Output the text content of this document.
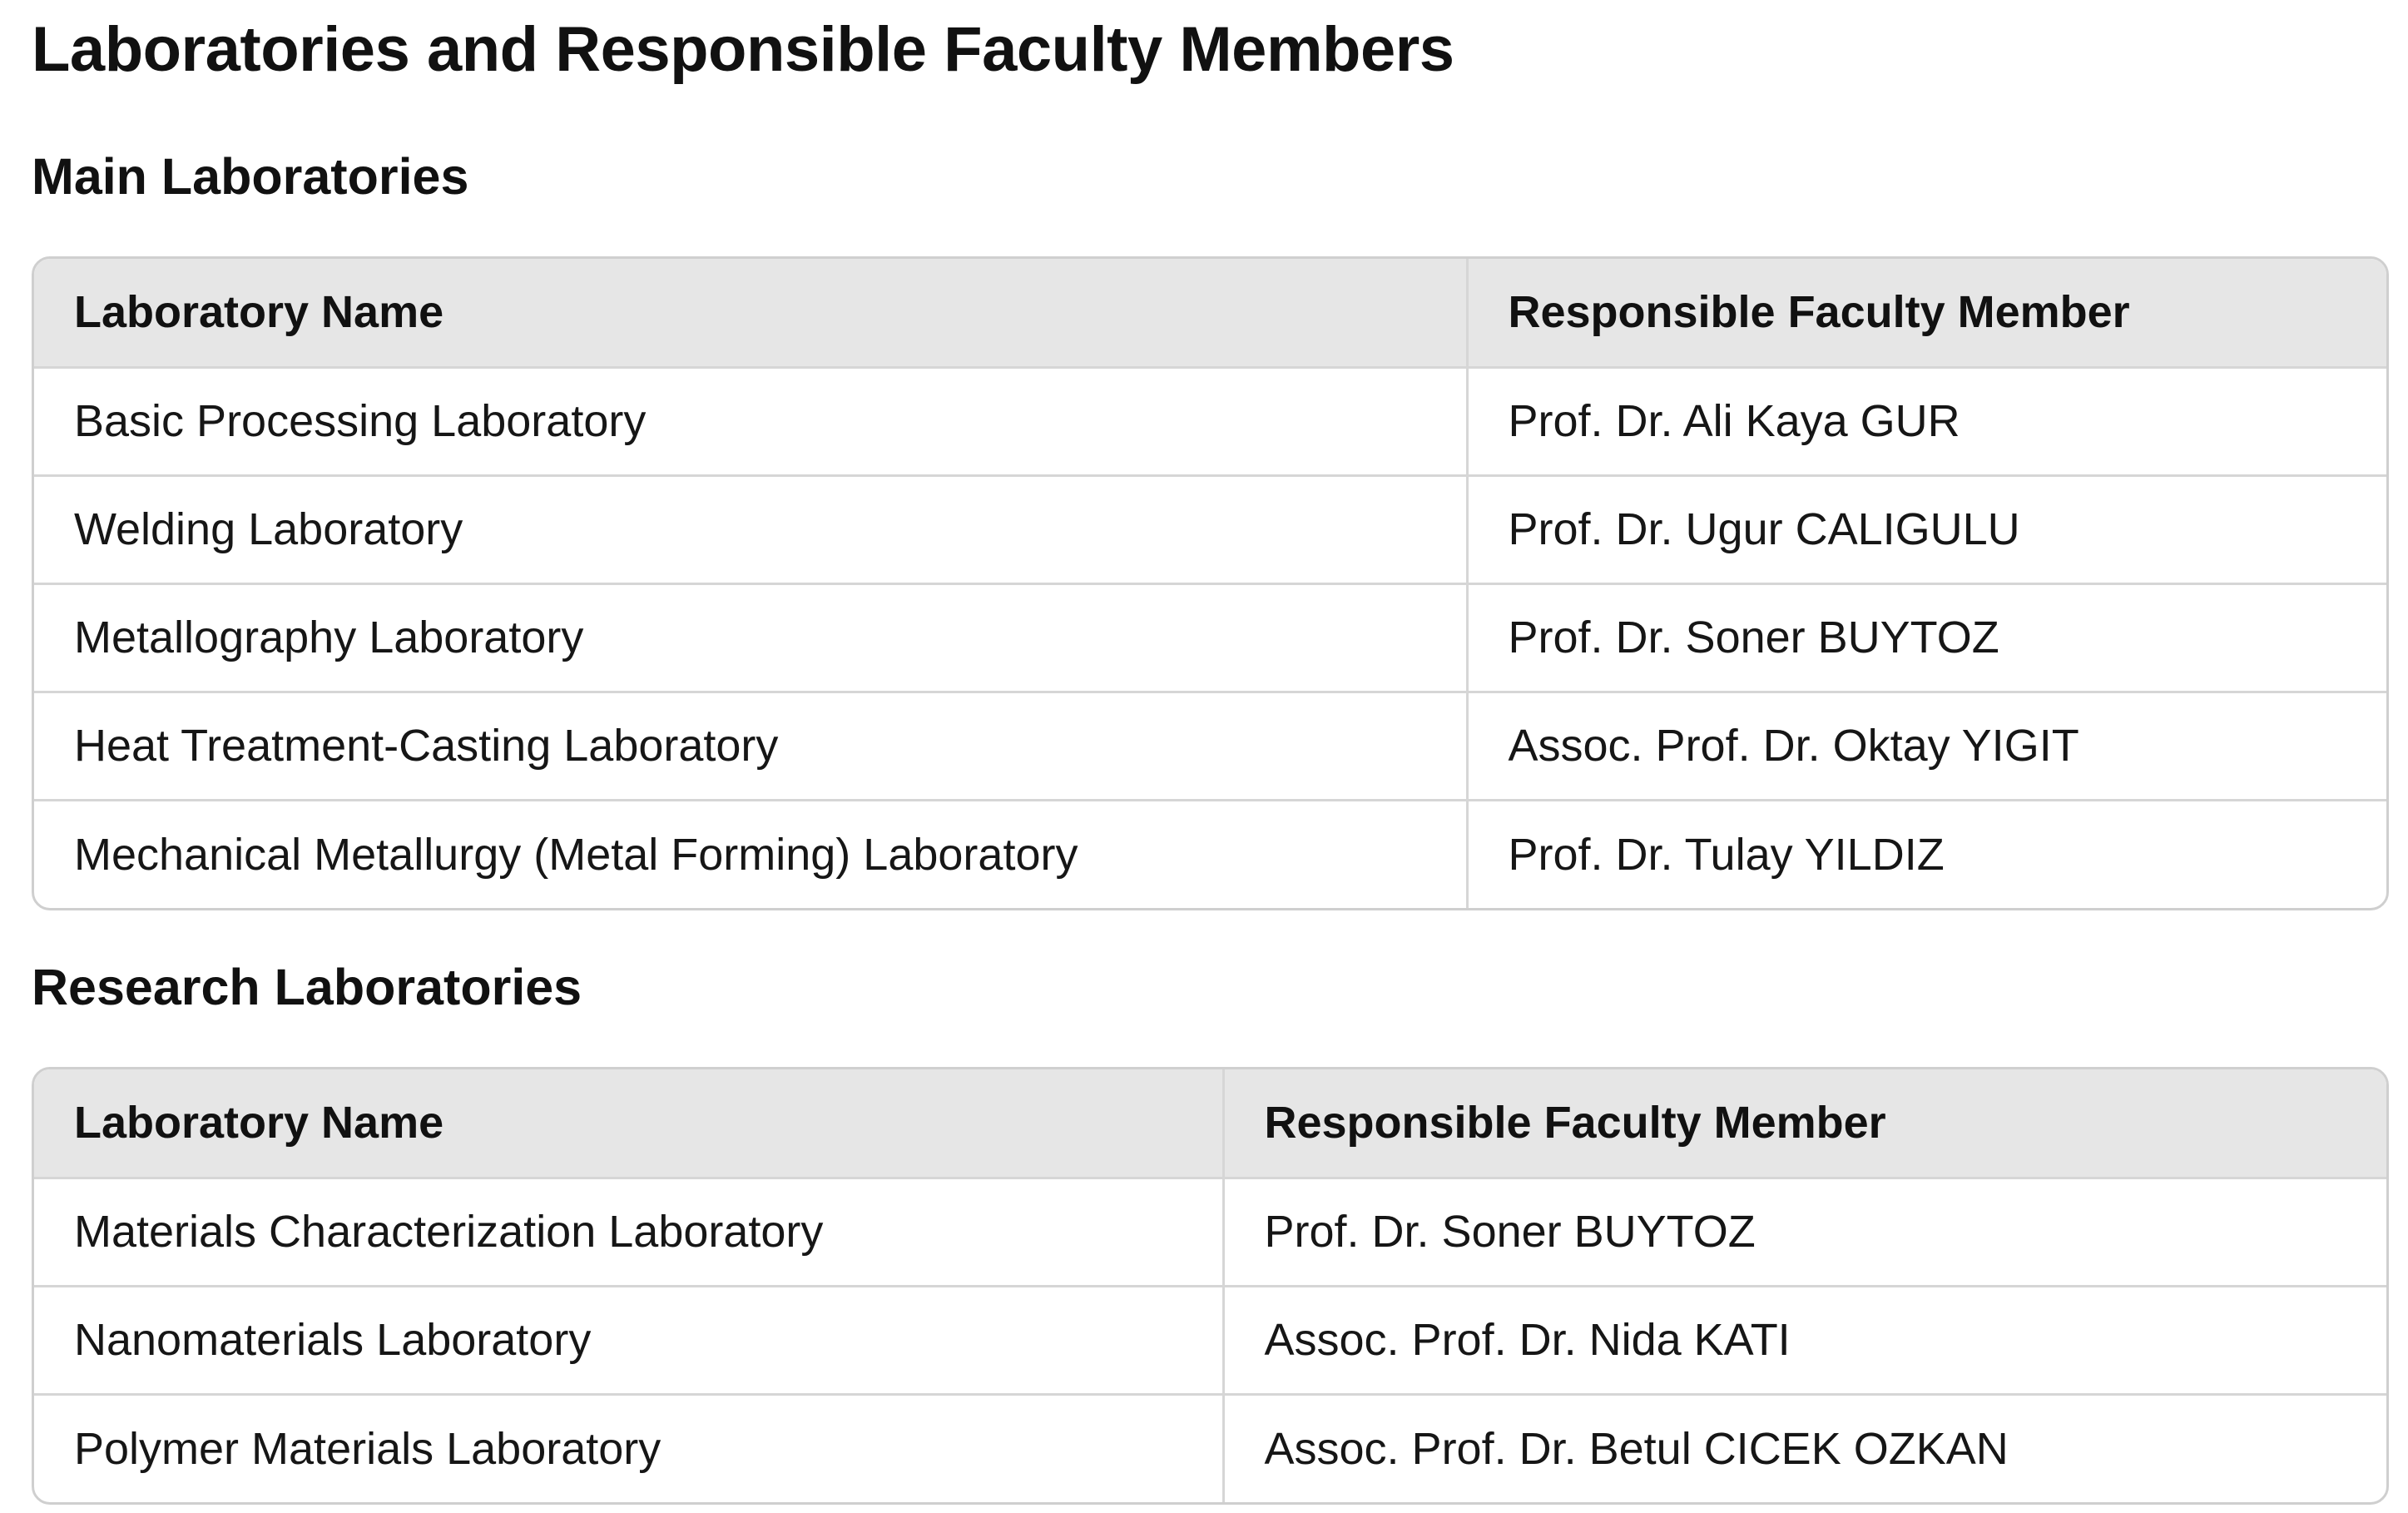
Laboratories and Responsible Faculty Members
Main Laboratories
Laboratory Name	Responsible Faculty Member
Basic Processing Laboratory	Prof. Dr. Ali Kaya GUR
Welding Laboratory	Prof. Dr. Ugur CALIGULU
Metallography Laboratory	Prof. Dr. Soner BUYTOZ
Heat Treatment-Casting Laboratory	Assoc. Prof. Dr. Oktay YIGIT
Mechanical Metallurgy (Metal Forming) Laboratory	Prof. Dr. Tulay YILDIZ
Research Laboratories
Laboratory Name	Responsible Faculty Member
Materials Characterization Laboratory	Prof. Dr. Soner BUYTOZ
Nanomaterials Laboratory	Assoc. Prof. Dr. Nida KATI
Polymer Materials Laboratory	Assoc. Prof. Dr. Betul CICEK OZKAN
